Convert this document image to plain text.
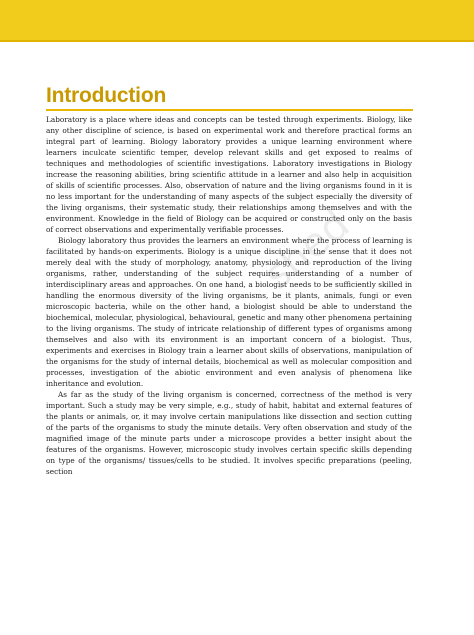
Introduction

Laboratory is a place where ideas and concepts can be tested through experiments. Biology, like any other discipline of science, is based on experimental work and therefore practical forms an integral part of learning. Biology laboratory provides a unique learning environment where learners inculcate scientific temper, develop relevant skills and get exposed to realms of techniques and methodologies of scientific investigations. Laboratory investigations in Biology increase the reasoning abilities, bring scientific attitude in a learner and also help in acquisition of skills of scientific processes. Also, observation of nature and the living organisms found in it is no less important for the understanding of many aspects of the subject especially the diversity of the living organisms, their systematic study, their relationships among themselves and with the environment. Knowledge in the field of Biology can be acquired or constructed only on the basis of correct observations and experimentally verifiable processes.

Biology laboratory thus provides the learners an environment where the process of learning is facilitated by hands-on experiments. Biology is a unique discipline in the sense that it does not merely deal with the study of morphology, anatomy, physiology and reproduction of the living organisms, rather, understanding of the subject requires understanding of a number of interdisciplinary areas and approaches. On one hand, a biologist needs to be sufficiently skilled in handling the enormous diversity of the living organisms, be it plants, animals, fungi or even microscopic bacteria, while on the other hand, a biologist should be able to understand the biochemical, molecular, physiological, behavioural, genetic and many other phenomena pertaining to the living organisms. The study of intricate relationship of different types of organisms among themselves and also with its environment is an important concern of a biologist. Thus, experiments and exercises in Biology train a learner about skills of observations, manipulation of the organisms for the study of internal details, biochemical as well as molecular composition and processes, investigation of the abiotic environment and even analysis of phenomena like inheritance and evolution.

As far as the study of the living organism is concerned, correctness of the method is very important. Such a study may be very simple, e.g., study of habit, habitat and external features of the plants or animals, or, it may involve certain manipulations like dissection and section cutting of the parts of the organisms to study the minute details. Very often observation and study of the magnified image of the minute parts under a microscope provides a better insight about the features of the organisms. However, microscopic study involves certain specific skills depending on type of the organisms/ tissues/cells to be studied. It involves specific preparations (peeling, section

shed
